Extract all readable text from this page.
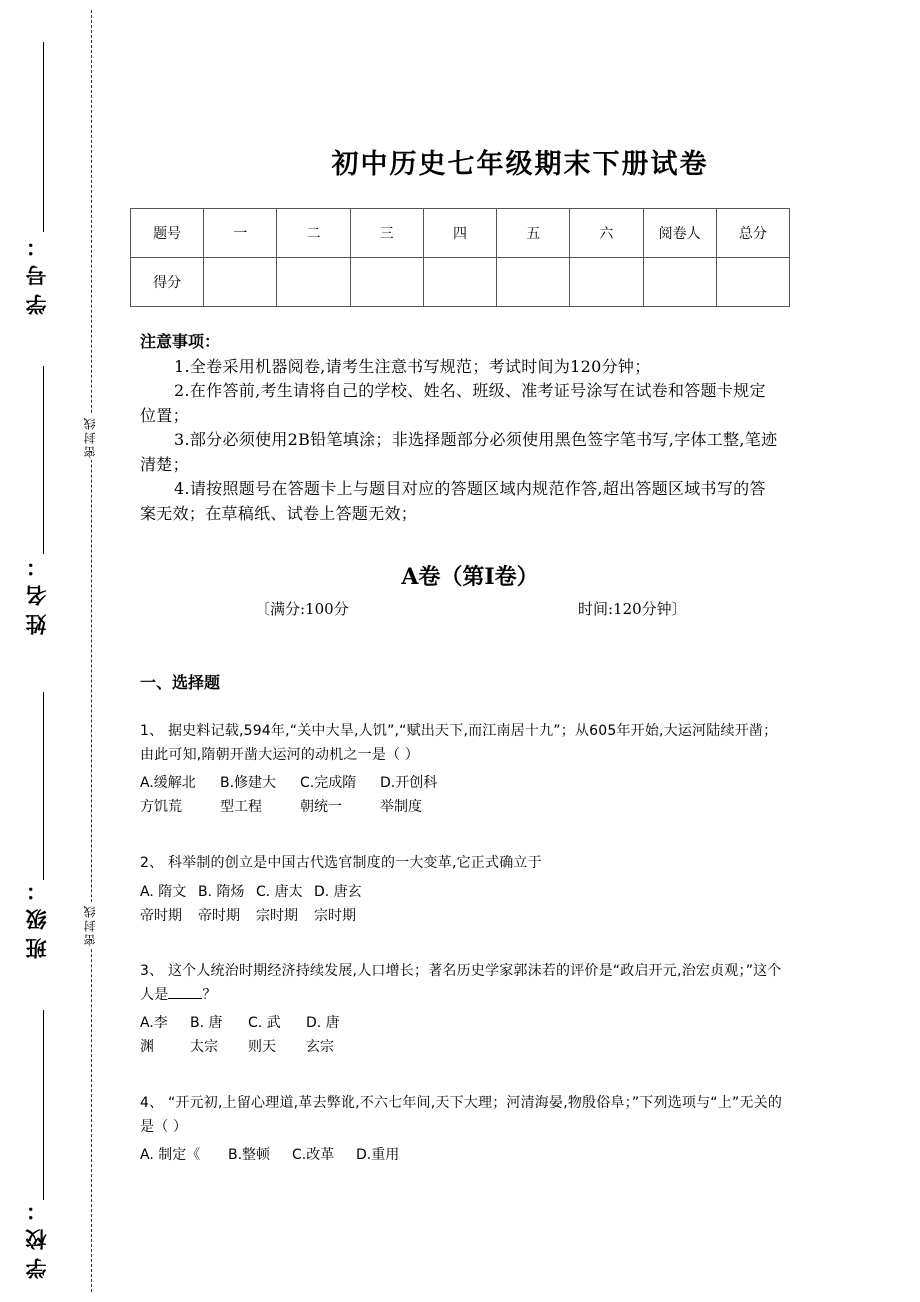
学号：
姓名：
班级：
学校：
密封线
密封线
初中历史七年级期末下册试卷
题号	一	二	三	四	五	六	阅卷人	总分
得分								
注意事项：
1.全卷采用机器阅卷,请考生注意书写规范；考试时间为120分钟；
2.在作答前,考生请将自己的学校、姓名、班级、准考证号涂写在试卷和答题卡规定位置；
3.部分必须使用2B铅笔填涂；非选择题部分必须使用黑色签字笔书写,字体工整,笔迹清楚；
4.请按照题号在答题卡上与题目对应的答题区域内规范作答,超出答题区域书写的答案无效；在草稿纸、试卷上答题无效；
A卷（第I卷）
〔满分:100分	时间:120分钟〕
一、选择题
1、 据史料记载,594年,“关中大旱,人饥”,“赋出天下,而江南居十九”；从605年开始,大运河陆续开凿；由此可知,隋朝开凿大运河的动机之一是（ ）
A.缓解北
方饥荒
B.修建大
型工程
C.完成隋
朝统一
D.开创科
举制度
2、 科举制的创立是中国古代选官制度的一大变革,它正式确立于
A. 隋文
帝时期
B. 隋炀
帝时期
C. 唐太
宗时期
D. 唐玄
宗时期
3、 这个人统治时期经济持续发展,人口增长；著名历史学家郭沫若的评价是“政启开元,治宏贞观；”这个人是 ？
A.李
渊
B. 唐
太宗
C. 武
则天
D. 唐
玄宗
4、 “开元初,上留心理道,革去弊讹,不六七年间,天下大理；河清海晏,物殷俗阜；”下列选项与“上”无关的是（ ）
A. 制定《	B.整顿	C.改革	D.重用
